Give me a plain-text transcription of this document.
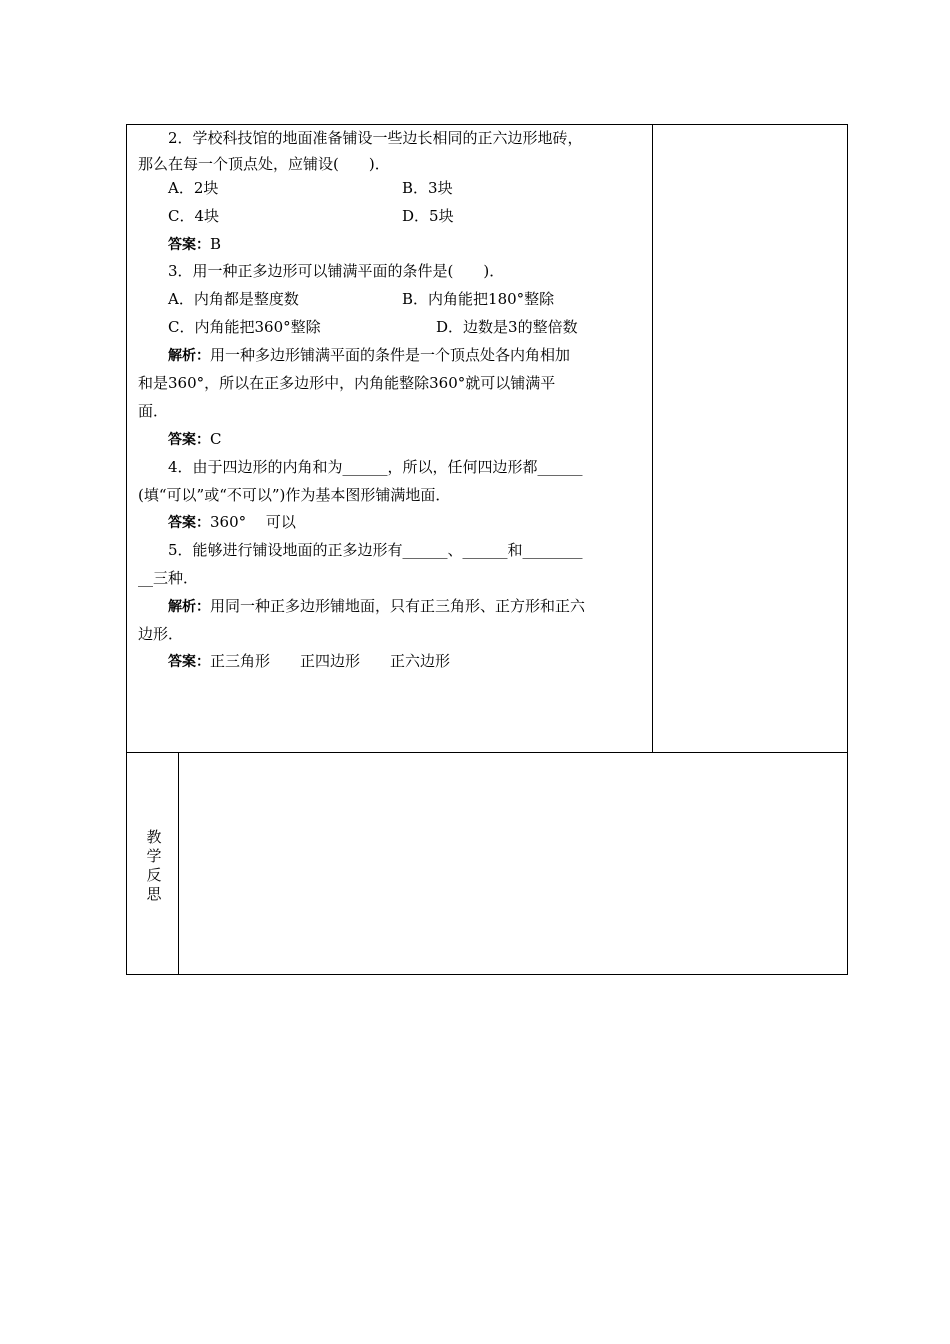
2．学校科技馆的地面准备铺设一些边长相同的正六边形地砖，
那么在每一个顶点处，应铺设(　　)．

A．2块

	B．3块

C．4块

	D．5块

答案：B
3．用一种正多边形可以铺满平面的条件是(　　)．

A．内角都是整度数

	B．内角能把180°整除

C．内角能把360°整除

	D．边数是3的整倍数

解析：用一种多边形铺满平面的条件是一个顶点处各内角相加
和是360°，所以在正多边形中，内角能整除360°就可以铺满平
面．
答案：C
4．由于四边形的内角和为______，所以，任何四边形都______
(填“可以”或“不可以”)作为基本图形铺满地面．
答案：360°　 可以
5．能够进行铺设地面的正多边形有______、______和________
__三种．
解析：用同一种正多边形铺地面，只有正三角形、正方形和正六
边形．
答案：正三角形　　正四边形　　正六边形
教
学
反
思
